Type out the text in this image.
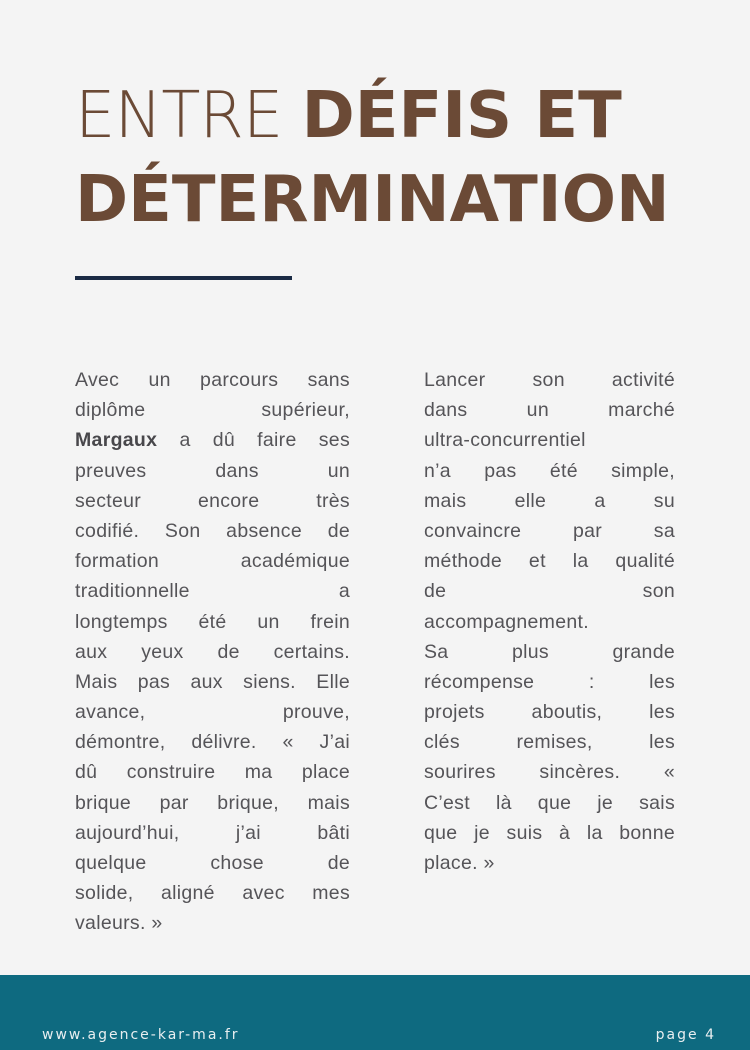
ENTRE DÉFIS ET
DÉTERMINATION
Avec un parcours sans
diplôme supérieur,
Margaux a dû faire ses
preuves dans un
secteur encore très
codifié. Son absence de
formation académique
traditionnelle a
longtemps été un frein
aux yeux de certains.
Mais pas aux siens. Elle
avance, prouve,
démontre, délivre. « J’ai
dû construire ma place
brique par brique, mais
aujourd’hui, j’ai bâti
quelque chose de
solide, aligné avec mes
valeurs. »
Lancer son activité
dans un marché
ultra-concurrentiel
n’a pas été simple,
mais elle a su
convaincre par sa
méthode et la qualité
de son
accompagnement.
Sa plus grande
récompense : les
projets aboutis, les
clés remises, les
sourires sincères. «
C’est là que je sais
que je suis à la bonne
place. »
www.agence-kar-ma.fr	page 4
